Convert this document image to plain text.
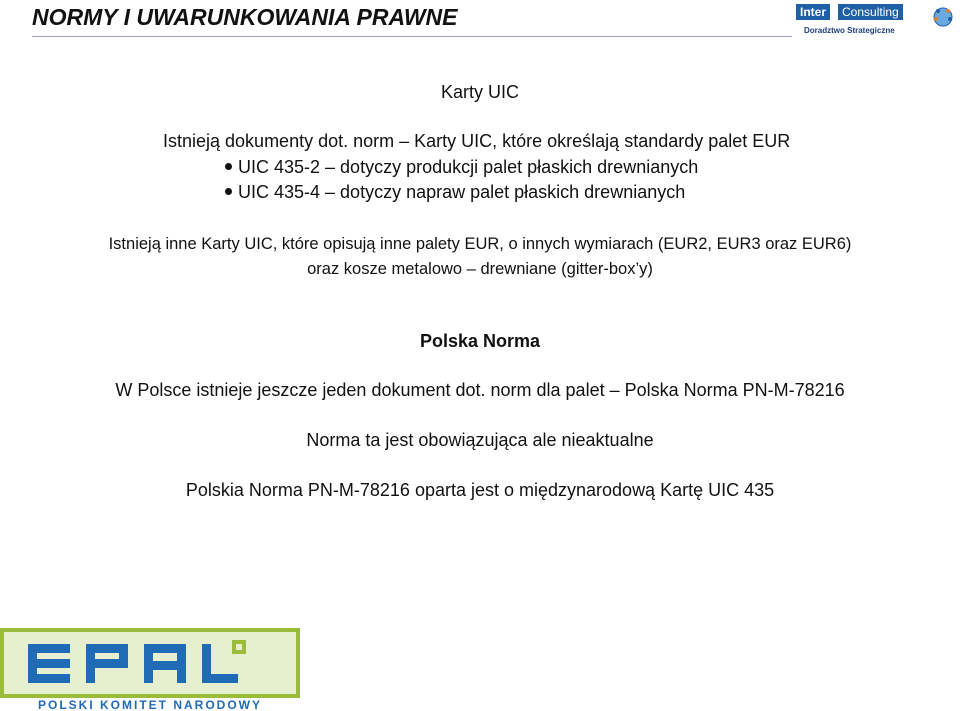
NORMY I UWARUNKOWANIA PRAWNE	Inter	Consulting
Doradztwo Strategiczne
Karty UIC
Istnieją dokumenty dot. norm – Karty UIC, które określają standardy palet EUR
UIC 435-2 – dotyczy produkcji palet płaskich drewnianych
UIC 435-4 – dotyczy napraw palet płaskich drewnianych
Istnieją inne Karty UIC, które opisują inne palety EUR, o innych wymiarach (EUR2, EUR3 oraz EUR6)
oraz kosze metalowo – drewniane (gitter-box’y)
Polska Norma
W Polsce istnieje jeszcze jeden dokument dot. norm dla palet – Polska Norma PN-M-78216
Norma ta jest obowiązująca ale nieaktualne
Polskia Norma PN-M-78216 oparta jest o międzynarodową Kartę UIC 435
POLSKI KOMITET NARODOWY
